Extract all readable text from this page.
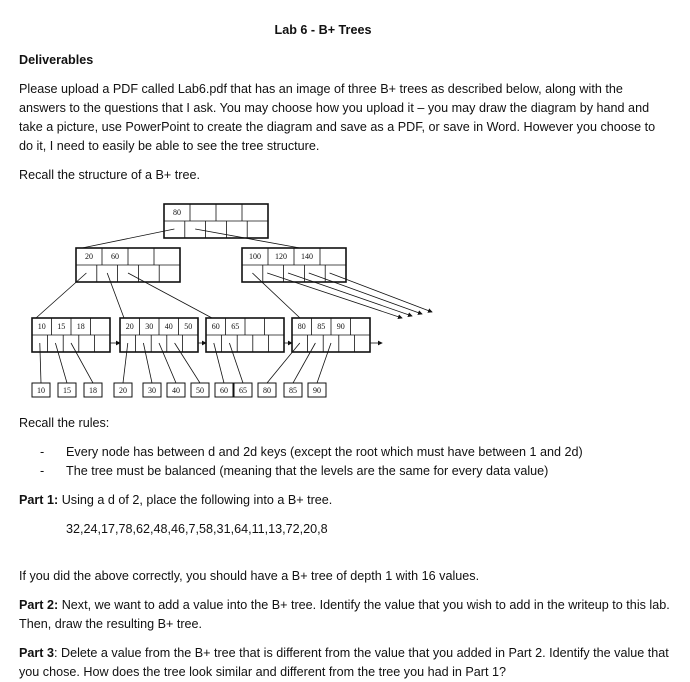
Lab 6 - B+ Trees

Deliverables

Please upload a PDF called Lab6.pdf that has an image of three B+ trees as described below, along with the answers to the questions that I ask. You may choose how you upload it – you may draw the diagram by hand and take a picture, use PowerPoint to create the diagram and save as a PDF, or save in Word. However you choose to do it, I need to easily be able to see the tree structure.

Recall the structure of a B+ tree.

80
20 60	100 120 140
10 15 18	20 30 40 50 60 65	80 85 90
10 15 18	20	30 40 50 60 65 80 85 90

Recall the rules:

- Every node has between d and 2d keys (except the root which must have between 1 and 2d)
- The tree must be balanced (meaning that the levels are the same for every data value)

Part 1: Using a d of 2, place the following into a B+ tree.

32,24,17,78,62,48,46,7,58,31,64,11,13,72,20,8

If you did the above correctly, you should have a B+ tree of depth 1 with 16 values.

Part 2: Next, we want to add a value into the B+ tree. Identify the value that you wish to add in the writeup to this lab. Then, draw the resulting B+ tree.

Part 3: Delete a value from the B+ tree that is different from the value that you added in Part 2. Identify the value that you chose. How does the tree look similar and different from the tree you had in Part 1?
